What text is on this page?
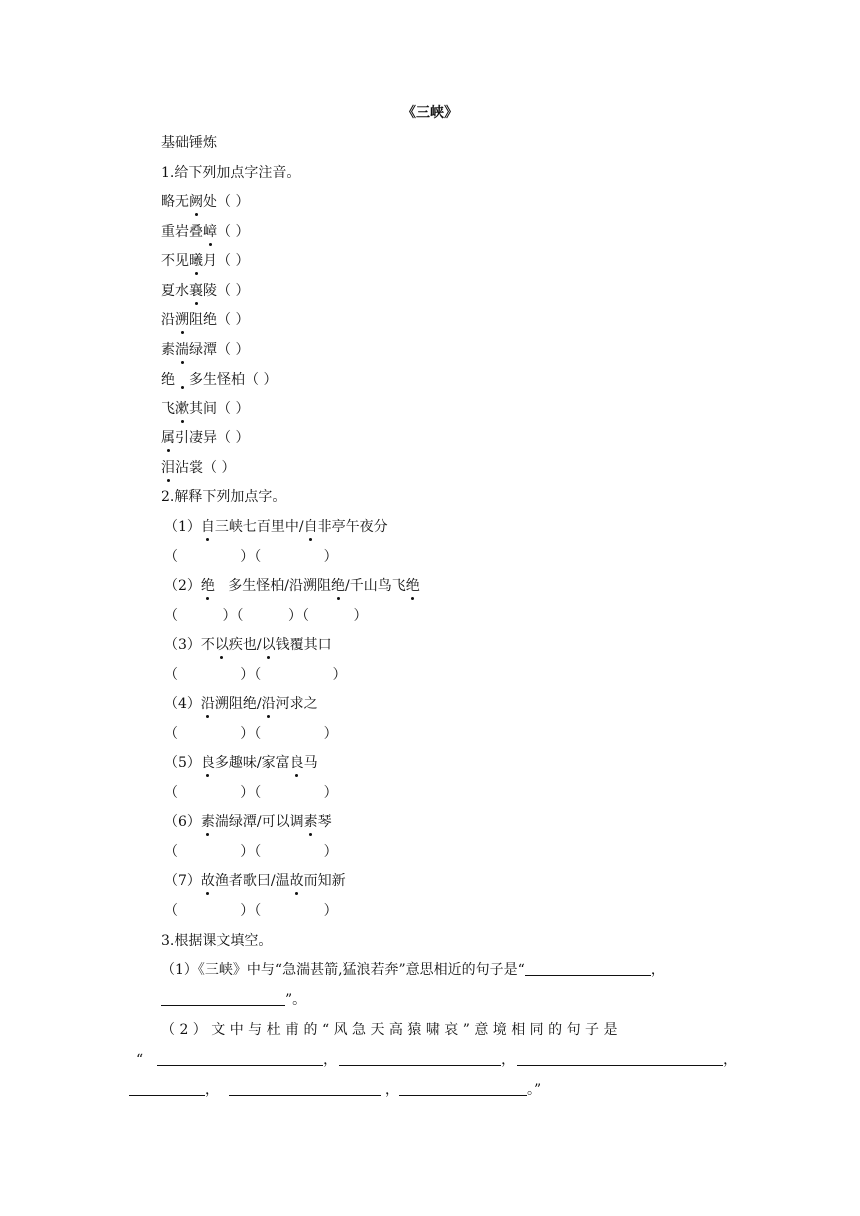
《三峡》
基础锤炼
1.给下列加点字注音。
略无阙处（ ）
重岩叠嶂（ ）
不见曦月（ ）
夏水襄陵（ ）
沿溯阻绝（ ）
素湍绿潭（ ）
绝 多生怪柏（ ）
飞漱其间（ ）
属引凄异（ ）
泪沾裳（ ）
2.解释下列加点字。
（1）自三峡七百里中/自非亭午夜分
（              ）（              ）
（2）绝   多生怪柏/沿溯阻绝/千山鸟飞绝
（          ）（          ）（          ）
（3）不以疾也/以钱覆其口
（              ）（                ）
（4）沿溯阻绝/沿河求之
（              ）（              ）
（5）良多趣味/家富良马
（              ）（              ）
（6）素湍绿潭/可以调素琴
（              ）（              ）
（7）故渔者歌曰/温故而知新
（              ）（              ）
3.根据课文填空。
（1）《三峡》中与“急湍甚箭,猛浪若奔”意思相近的句子是“	，
”。
（ 2 ） 文 中 与 杜 甫 的 “ 风 急 天 高 猿 啸 哀 ” 意 境 相 同 的 句 子 是
“	，	，	，
，	，	。”
